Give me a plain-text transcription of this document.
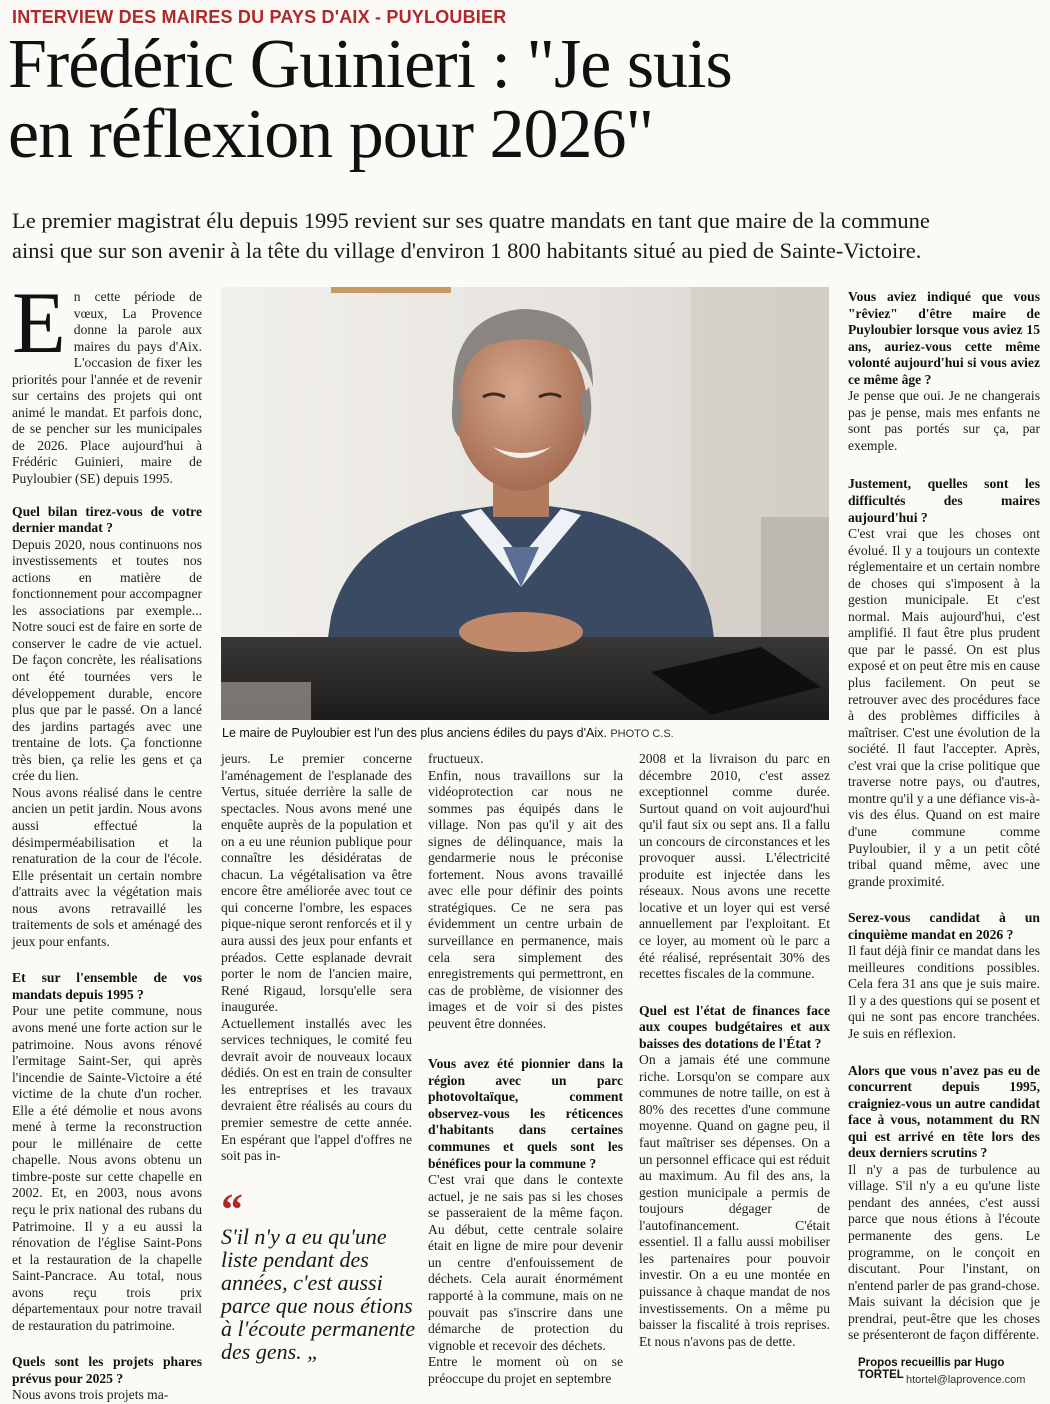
INTERVIEW DES MAIRES DU PAYS D'AIX - PUYLOUBIER
Frédéric Guinieri : "Je suis
en réflexion pour 2026"
Le premier magistrat élu depuis 1995 revient sur ses quatre mandats en tant que maire de la commune
ainsi que sur son avenir à la tête du village d'environ 1 800 habitants situé au pied de Sainte-Victoire.

En cette période de vœux, La Provence donne la parole aux maires du pays d'Aix. L'occasion de fixer les priorités pour l'année et de revenir sur certains des projets qui ont animé le mandat. Et parfois donc, de se pencher sur les municipales de 2026. Place aujourd'hui à Frédéric Guinieri, maire de Puyloubier (SE) depuis 1995.

Quel bilan tirez-vous de votre dernier mandat ?

Depuis 2020, nous continuons nos investissements et toutes nos actions en matière de fonctionnement pour accompagner les associations par exemple... Notre souci est de faire en sorte de conserver le cadre de vie actuel. De façon concrète, les réalisations ont été tournées vers le développement durable, encore plus que par le passé. On a lancé des jardins partagés avec une trentaine de lots. Ça fonctionne très bien, ça relie les gens et ça crée du lien.

Nous avons réalisé dans le centre ancien un petit jardin. Nous avons aussi effectué la désimperméabilisation et la renaturation de la cour de l'école. Elle présentait un certain nombre d'attraits avec la végétation mais nous avons retravaillé les traitements de sols et aménagé des jeux pour enfants.

Et sur l'ensemble de vos mandats depuis 1995 ?

Pour une petite commune, nous avons mené une forte action sur le patrimoine. Nous avons rénové l'ermitage Saint-Ser, qui après l'incendie de Sainte-Victoire a été victime de la chute d'un rocher. Elle a été démolie et nous avons mené à terme la reconstruction pour le millénaire de cette chapelle. Nous avons obtenu un timbre-poste sur cette chapelle en 2002. Et, en 2003, nous avons reçu le prix national des rubans du Patrimoine. Il y a eu aussi la rénovation de l'église Saint-Pons et la restauration de la chapelle Saint-Pancrace. Au total, nous avons reçu trois prix départementaux pour notre travail de restauration du patrimoine.

Quels sont les projets phares prévus pour 2025 ?

Nous avons trois projets ma-

Le maire de Puyloubier est l'un des plus anciens édiles du pays d'Aix. PHOTO C.S.

jeurs. Le premier concerne l'aménagement de l'esplanade des Vertus, située derrière la salle de spectacles. Nous avons mené une enquête auprès de la population et on a eu une réunion publique pour connaître les désidératas de chacun. La végétalisation va être encore être améliorée avec tout ce qui concerne l'ombre, les espaces pique-nique seront renforcés et il y aura aussi des jeux pour enfants et préados. Cette esplanade devrait porter le nom de l'ancien maire, René Rigaud, lorsqu'elle sera inaugurée.

Actuellement installés avec les services techniques, le comité feu devrait avoir de nouveaux locaux dédiés. On est en train de consulter les entreprises et les travaux devraient être réalisés au cours du premier semestre de cette année. En espérant que l'appel d'offres ne soit pas in-

“
S'il n'y a eu qu'une liste pendant des années, c'est aussi parce que nous étions à l'écoute permanente des gens. „

fructueux.

Enfin, nous travaillons sur la vidéoprotection car nous ne sommes pas équipés dans le village. Non pas qu'il y ait des signes de délinquance, mais la gendarmerie nous le préconise fortement. Nous avons travaillé avec elle pour définir des points stratégiques. Ce ne sera pas évidemment un centre urbain de surveillance en permanence, mais cela sera simplement des enregistrements qui permettront, en cas de problème, de visionner des images et de voir si des pistes peuvent être données.

Vous avez été pionnier dans la région avec un parc photovoltaïque, comment observez-vous les réticences d'habitants dans certaines communes et quels sont les bénéfices pour la commune ?

C'est vrai que dans le contexte actuel, je ne sais pas si les choses se passeraient de la même façon. Au début, cette centrale solaire était en ligne de mire pour devenir un centre d'enfouissement de déchets. Cela aurait énormément rapporté à la commune, mais on ne pouvait pas s'inscrire dans une démarche de protection du vignoble et recevoir des déchets.

Entre le moment où on se préoccupe du projet en septembre

2008 et la livraison du parc en décembre 2010, c'est assez exceptionnel comme durée. Surtout quand on voit aujourd'hui qu'il faut six ou sept ans. Il a fallu un concours de circonstances et les provoquer aussi. L'électricité produite est injectée dans les réseaux. Nous avons une recette locative et un loyer qui est versé annuellement par l'exploitant. Et ce loyer, au moment où le parc a été réalisé, représentait 30% des recettes fiscales de la commune.

Quel est l'état de finances face aux coupes budgétaires et aux baisses des dotations de l'État ?

On a jamais été une commune riche. Lorsqu'on se compare aux communes de notre taille, on est à 80% des recettes d'une commune moyenne. Quand on gagne peu, il faut maîtriser ses dépenses. On a un personnel efficace qui est réduit au maximum. Au fil des ans, la gestion municipale a permis de toujours dégager de l'autofinancement. C'était essentiel. Il a fallu aussi mobiliser les partenaires pour pouvoir investir. On a eu une montée en puissance à chaque mandat de nos investissements. On a même pu baisser la fiscalité à trois reprises. Et nous n'avons pas de dette.

Vous aviez indiqué que vous "rêviez" d'être maire de Puyloubier lorsque vous aviez 15 ans, auriez-vous cette même volonté aujourd'hui si vous aviez ce même âge ?

Je pense que oui. Je ne changerais pas je pense, mais mes enfants ne sont pas portés sur ça, par exemple.

Justement, quelles sont les difficultés des maires aujourd'hui ?

C'est vrai que les choses ont évolué. Il y a toujours un contexte réglementaire et un certain nombre de choses qui s'imposent à la gestion municipale. Et c'est normal. Mais aujourd'hui, c'est amplifié. Il faut être plus prudent que par le passé. On est plus exposé et on peut être mis en cause plus facilement. On peut se retrouver avec des procédures face à des problèmes difficiles à maîtriser. C'est une évolution de la société. Il faut l'accepter. Après, c'est vrai que la crise politique que traverse notre pays, ou d'autres, montre qu'il y a une défiance vis-à-vis des élus. Quand on est maire d'une commune comme Puyloubier, il y a un petit côté tribal quand même, avec une grande proximité.

Serez-vous candidat à un cinquième mandat en 2026 ?

Il faut déjà finir ce mandat dans les meilleures conditions possibles. Cela fera 31 ans que je suis maire. Il y a des questions qui se posent et qui ne sont pas encore tranchées. Je suis en réflexion.

Alors que vous n'avez pas eu de concurrent depuis 1995, craigniez-vous un autre candidat face à vous, notamment du RN qui est arrivé en tête lors des deux derniers scrutins ?

Il n'y a pas de turbulence au village. S'il n'y a eu qu'une liste pendant des années, c'est aussi parce que nous étions à l'écoute permanente des gens. Le programme, on le conçoit en discutant. Pour l'instant, on n'entend parler de pas grand-chose. Mais suivant la décision que je prendrai, peut-être que les choses se présenteront de façon différente.

Propos recueillis par Hugo TORTEL htortel@laprovence.com
